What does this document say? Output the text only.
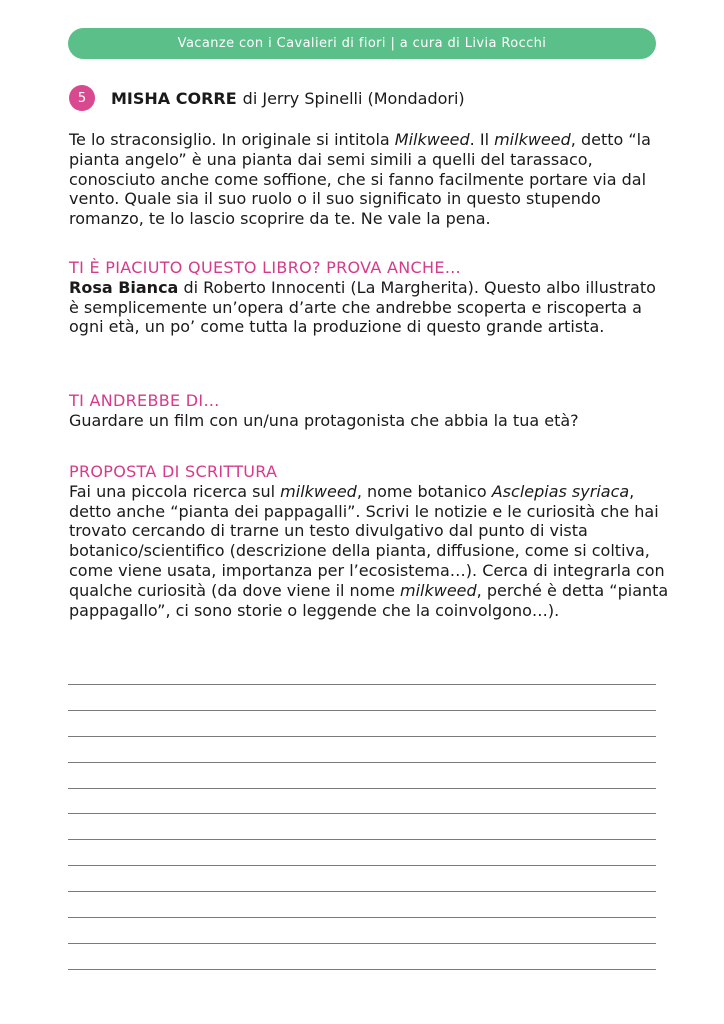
Vacanze con i Cavalieri di fiori | a cura di Livia Rocchi
5	MISHA CORRE di Jerry Spinelli (Mondadori)

Te lo straconsiglio. In originale si intitola Milkweed. Il milkweed, detto “la pianta angelo” è una pianta dai semi simili a quelli del tarassaco, conosciuto anche come soffione, che si fanno facilmente portare via dal vento. Quale sia il suo ruolo o il suo significato in questo stupendo romanzo, te lo lascio scoprire da te. Ne vale la pena.

TI È PIACIUTO QUESTO LIBRO? PROVA ANCHE…

Rosa Bianca di Roberto Innocenti (La Margherita). Questo albo illustrato è semplicemente un’opera d’arte che andrebbe scoperta e riscoperta a ogni età, un po’ come tutta la produzione di questo grande artista.

TI ANDREBBE DI…

Guardare un film con un/una protagonista che abbia la tua età?

PROPOSTA DI SCRITTURA

Fai una piccola ricerca sul milkweed, nome botanico Asclepias syriaca, detto anche “pianta dei pappagalli”. Scrivi le notizie e le curiosità che hai trovato cercando di trarne un testo divulgativo dal punto di vista botanico/scientifico (descrizione della pianta, diffusione, come si coltiva, come viene usata, importanza per l’ecosistema…). Cerca di integrarla con qualche curiosità (da dove viene il nome milkweed, perché è detta “pianta pappagallo”, ci sono storie o leggende che la coinvolgono…).
